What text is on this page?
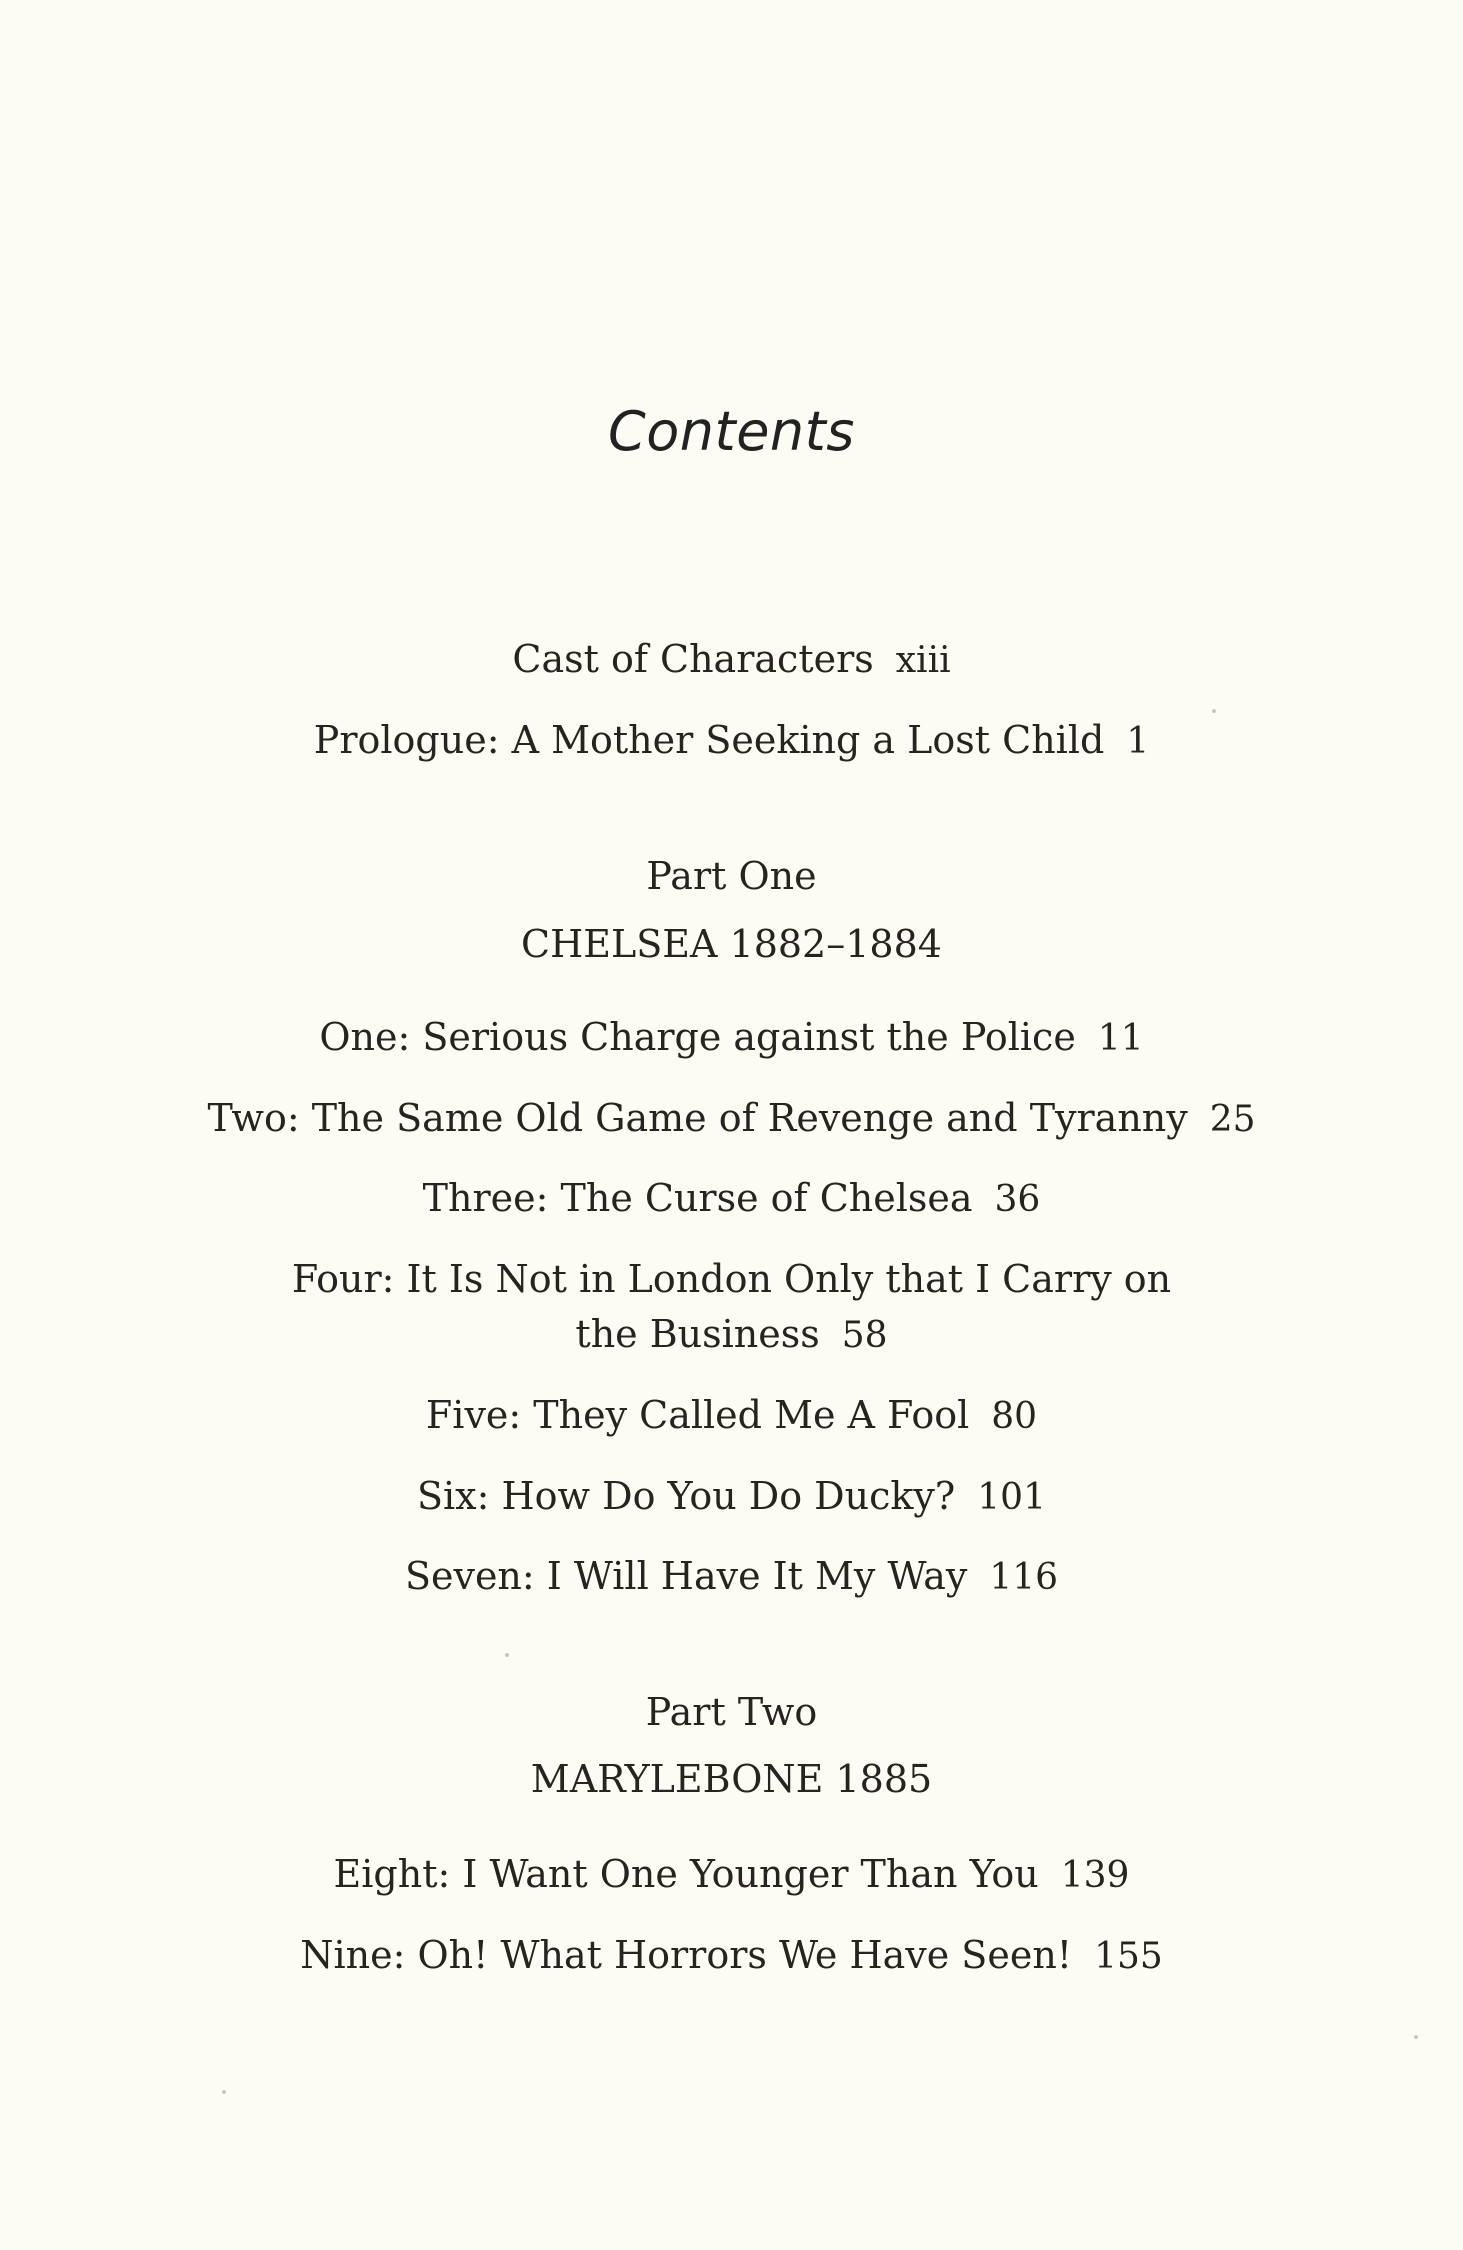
Contents
Cast of Characters xiii
Prologue: A Mother Seeking a Lost Child 1
Part One
CHELSEA 1882–1884
One: Serious Charge against the Police 11
Two: The Same Old Game of Revenge and Tyranny 25
Three: The Curse of Chelsea 36
Four: It Is Not in London Only that I Carry on
the Business 58
Five: They Called Me A Fool 80
Six: How Do You Do Ducky? 101
Seven: I Will Have It My Way 116
Part Two
MARYLEBONE 1885
Eight: I Want One Younger Than You 139
Nine: Oh! What Horrors We Have Seen! 155
